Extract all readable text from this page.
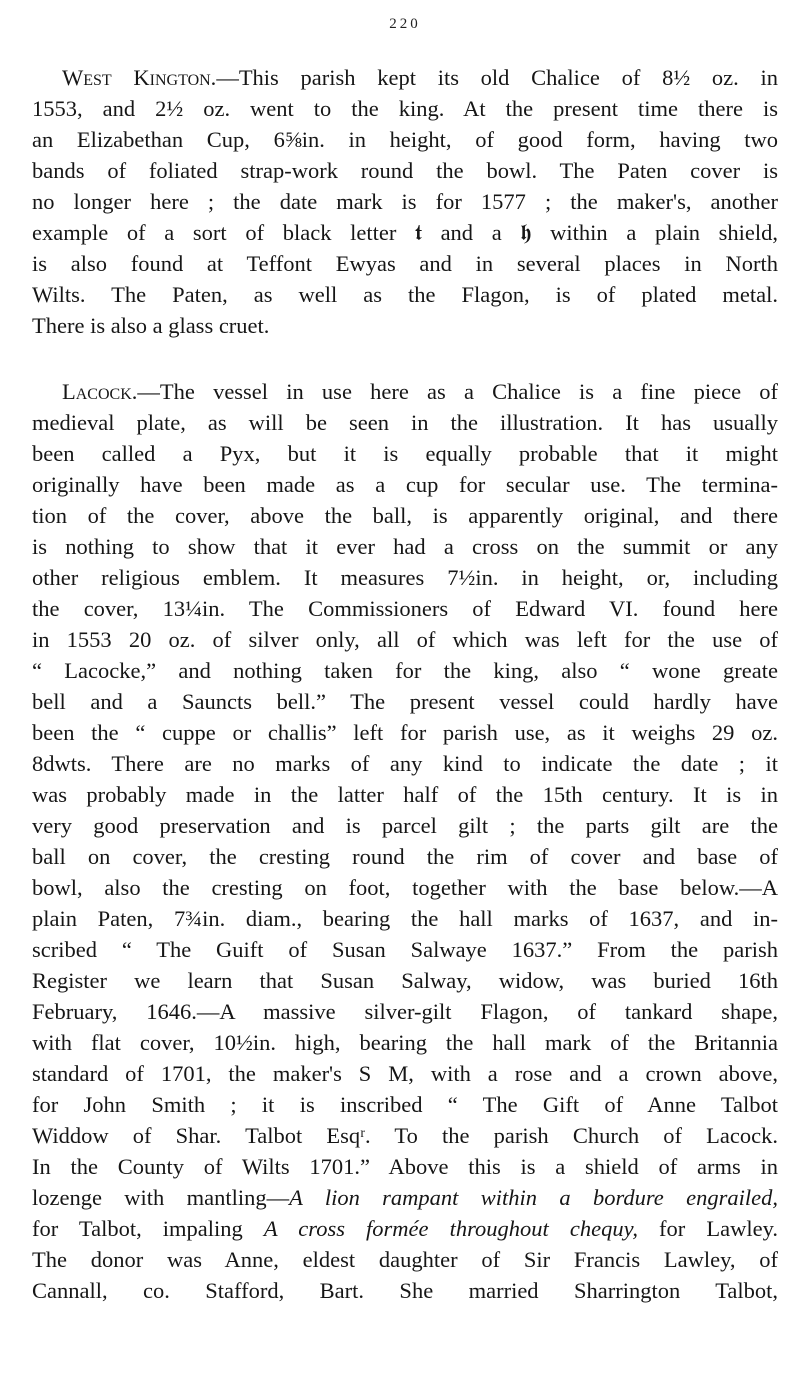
220

West Kington.—This parish kept its old Chalice of 8½ oz. in
1553, and 2½ oz. went to the king. At the present time there is
an Elizabethan Cup, 6⅝in. in height, of good form, having two
bands of foliated strap-work round the bowl. The Paten cover is
no longer here ; the date mark is for 1577 ; the maker's, another
example of a sort of black letter 𝖙 and a 𝖍 within a plain shield,
is also found at Teffont Ewyas and in several places in North
Wilts. The Paten, as well as the Flagon, is of plated metal.
There is also a glass cruet.

Lacock.—The vessel in use here as a Chalice is a fine piece of
medieval plate, as will be seen in the illustration. It has usually
been called a Pyx, but it is equally probable that it might
originally have been made as a cup for secular use. The termina-
tion of the cover, above the ball, is apparently original, and there
is nothing to show that it ever had a cross on the summit or any
other religious emblem. It measures 7½in. in height, or, including
the cover, 13¼in. The Commissioners of Edward VI. found here
in 1553 20 oz. of silver only, all of which was left for the use of
“ Lacocke,” and nothing taken for the king, also “ wone greate
bell and a Sauncts bell.” The present vessel could hardly have
been the “ cuppe or challis” left for parish use, as it weighs 29 oz.
8dwts. There are no marks of any kind to indicate the date ; it
was probably made in the latter half of the 15th century. It is in
very good preservation and is parcel gilt ; the parts gilt are the
ball on cover, the cresting round the rim of cover and base of
bowl, also the cresting on foot, together with the base below.—A
plain Paten, 7¾in. diam., bearing the hall marks of 1637, and in-
scribed “ The Guift of Susan Salwaye 1637.” From the parish
Register we learn that Susan Salway, widow, was buried 16th
February, 1646.—A massive silver-gilt Flagon, of tankard shape,
with flat cover, 10½in. high, bearing the hall mark of the Britannia
standard of 1701, the maker's S M, with a rose and a crown above,
for John Smith ; it is inscribed “ The Gift of Anne Talbot
Widdow of Shar. Talbot Esqʳ. To the parish Church of Lacock.
In the County of Wilts 1701.” Above this is a shield of arms in
lozenge with mantling—A lion rampant within a bordure engrailed,
for Talbot, impaling A cross formée throughout chequy, for Lawley.
The donor was Anne, eldest daughter of Sir Francis Lawley, of
Cannall, co. Stafford, Bart. She married Sharrington Talbot,
